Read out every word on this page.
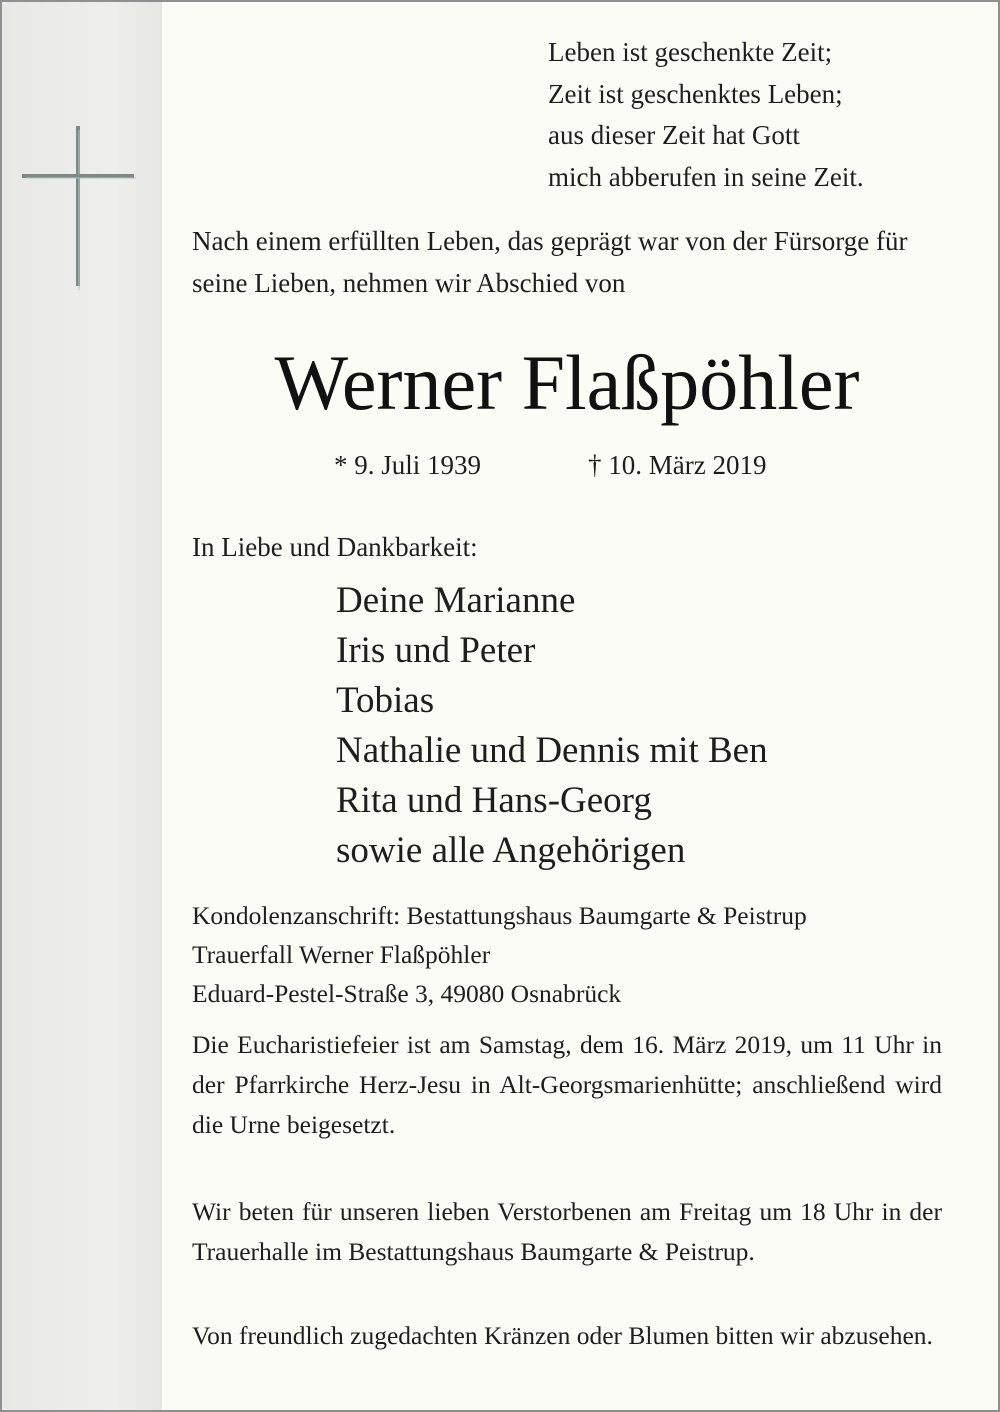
Leben ist geschenkte Zeit;
Zeit ist geschenktes Leben;
aus dieser Zeit hat Gott
mich abberufen in seine Zeit.
Nach einem erfüllten Leben, das geprägt war von der Fürsorge für seine Lieben, nehmen wir Abschied von
Werner Flaßpöhler
* 9. Juli 1939	† 10. März 2019
In Liebe und Dankbarkeit:
Deine Marianne
Iris und Peter
Tobias
Nathalie und Dennis mit Ben
Rita und Hans-Georg
sowie alle Angehörigen
Kondolenzanschrift: Bestattungshaus Baumgarte & Peistrup
Trauerfall Werner Flaßpöhler
Eduard-Pestel-Straße 3, 49080 Osnabrück

Die Eucharistiefeier ist am Samstag, dem 16. März 2019, um 11 Uhr in der Pfarrkirche Herz-Jesu in Alt-Georgsmarienhütte; anschließend wird die Urne beigesetzt.

Wir beten für unseren lieben Verstorbenen am Freitag um 18 Uhr in der Trauerhalle im Bestattungshaus Baumgarte & Peistrup.

Von freundlich zugedachten Kränzen oder Blumen bitten wir abzusehen.
